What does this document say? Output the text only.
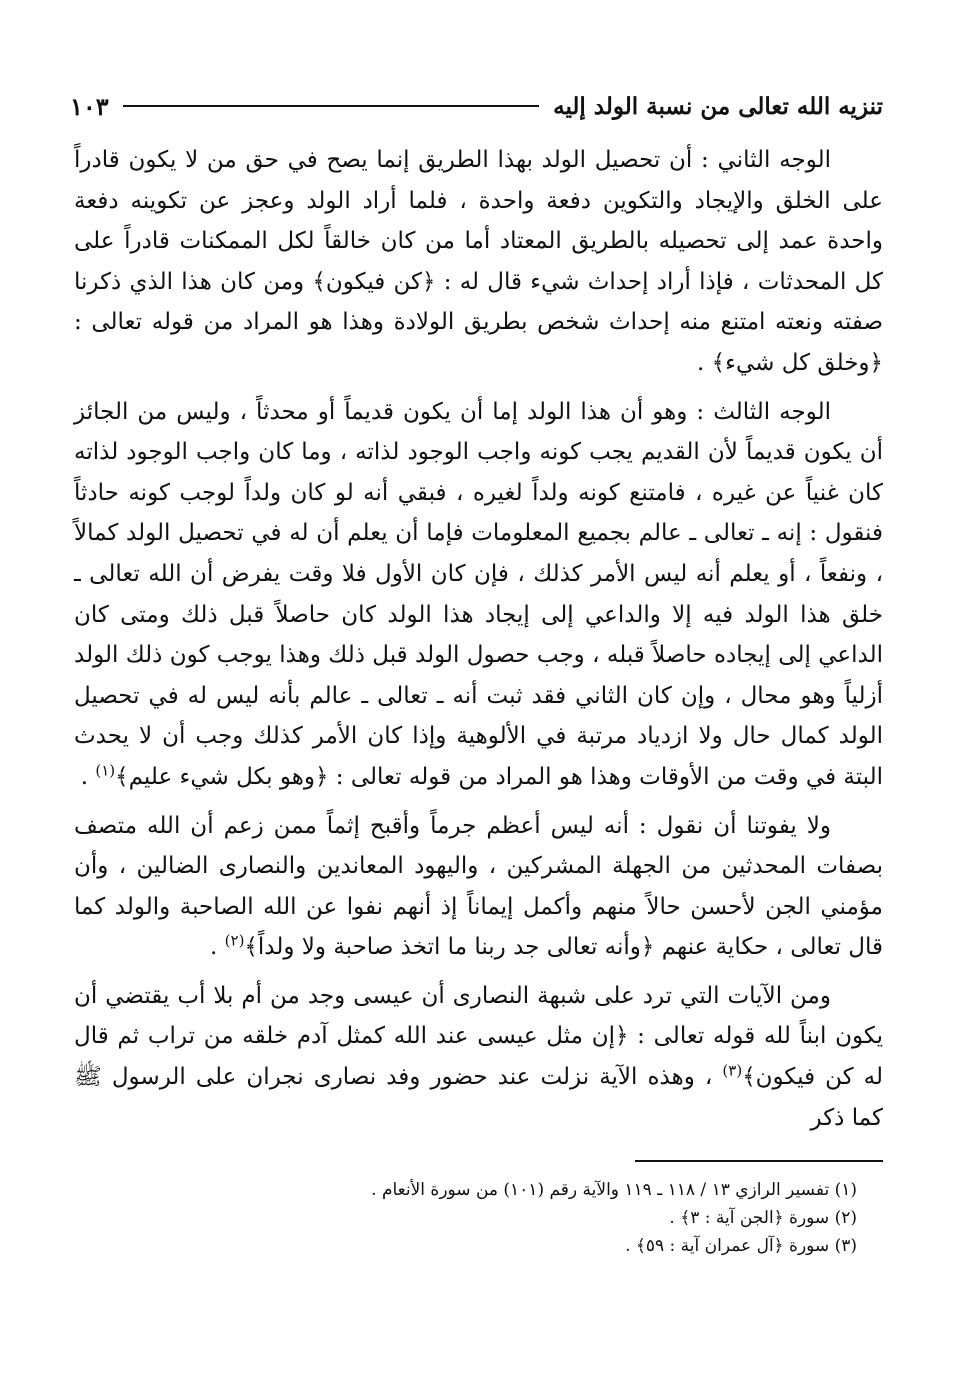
تنزيه الله تعالى من نسبة الولد إليه
١٠٣

الوجه الثاني : أن تحصيل الولد بهذا الطريق إنما يصح في حق من لا يكون قادراً على الخلق والإيجاد والتكوين دفعة واحدة ، فلما أراد الولد وعجز عن تكوينه دفعة واحدة عمد إلى تحصيله بالطريق المعتاد أما من كان خالقاً لكل الممكنات قادراً على كل المحدثات ، فإذا أراد إحداث شيء قال له : ﴿كن فيكون﴾ ومن كان هذا الذي ذكرنا صفته ونعته امتنع منه إحداث شخص بطريق الولادة وهذا هو المراد من قوله تعالى : ﴿وخلق كل شيء﴾ .

الوجه الثالث : وهو أن هذا الولد إما أن يكون قديماً أو محدثاً ، وليس من الجائز أن يكون قديماً لأن القديم يجب كونه واجب الوجود لذاته ، وما كان واجب الوجود لذاته كان غنياً عن غيره ، فامتنع كونه ولداً لغيره ، فبقي أنه لو كان ولداً لوجب كونه حادثاً فنقول : إنه ـ تعالى ـ عالم بجميع المعلومات فإما أن يعلم أن له في تحصيل الولد كمالاً ، ونفعاً ، أو يعلم أنه ليس الأمر كذلك ، فإن كان الأول فلا وقت يفرض أن الله تعالى ـ خلق هذا الولد فيه إلا والداعي إلى إيجاد هذا الولد كان حاصلاً قبل ذلك ومتى كان الداعي إلى إيجاده حاصلاً قبله ، وجب حصول الولد قبل ذلك وهذا يوجب كون ذلك الولد أزلياً وهو محال ، وإن كان الثاني فقد ثبت أنه ـ تعالى ـ عالم بأنه ليس له في تحصيل الولد كمال حال ولا ازدياد مرتبة في الألوهية وإذا كان الأمر كذلك وجب أن لا يحدث البتة في وقت من الأوقات وهذا هو المراد من قوله تعالى : ﴿وهو بكل شيء عليم﴾$^{(١)}$ .

ولا يفوتنا أن نقول : أنه ليس أعظم جرماً وأقبح إثماً ممن زعم أن الله متصف بصفات المحدثين من الجهلة المشركين ، واليهود المعاندين والنصارى الضالين ، وأن مؤمني الجن لأحسن حالاً منهم وأكمل إيماناً إذ أنهم نفوا عن الله الصاحبة والولد كما قال تعالى ، حكاية عنهم ﴿وأنه تعالى جد ربنا ما اتخذ صاحبة ولا ولداً﴾$^{(٢)}$ .

ومن الآيات التي ترد على شبهة النصارى أن عيسى وجد من أم بلا أب يقتضي أن يكون ابناً لله قوله تعالى : ﴿إن مثل عيسى عند الله كمثل آدم خلقه من تراب ثم قال له كن فيكون﴾$^{(٣)}$ ، وهذه الآية نزلت عند حضور وفد نصارى نجران على الرسول ﷺ كما ذكر

(١) تفسير الرازي ١٣ / ١١٨ ـ ١١٩ والآية رقم (١٠١) من سورة الأنعام .
(٢) سورة ﴿الجن آية : ٣﴾ .
(٣) سورة ﴿آل عمران آية : ٥٩﴾ .
